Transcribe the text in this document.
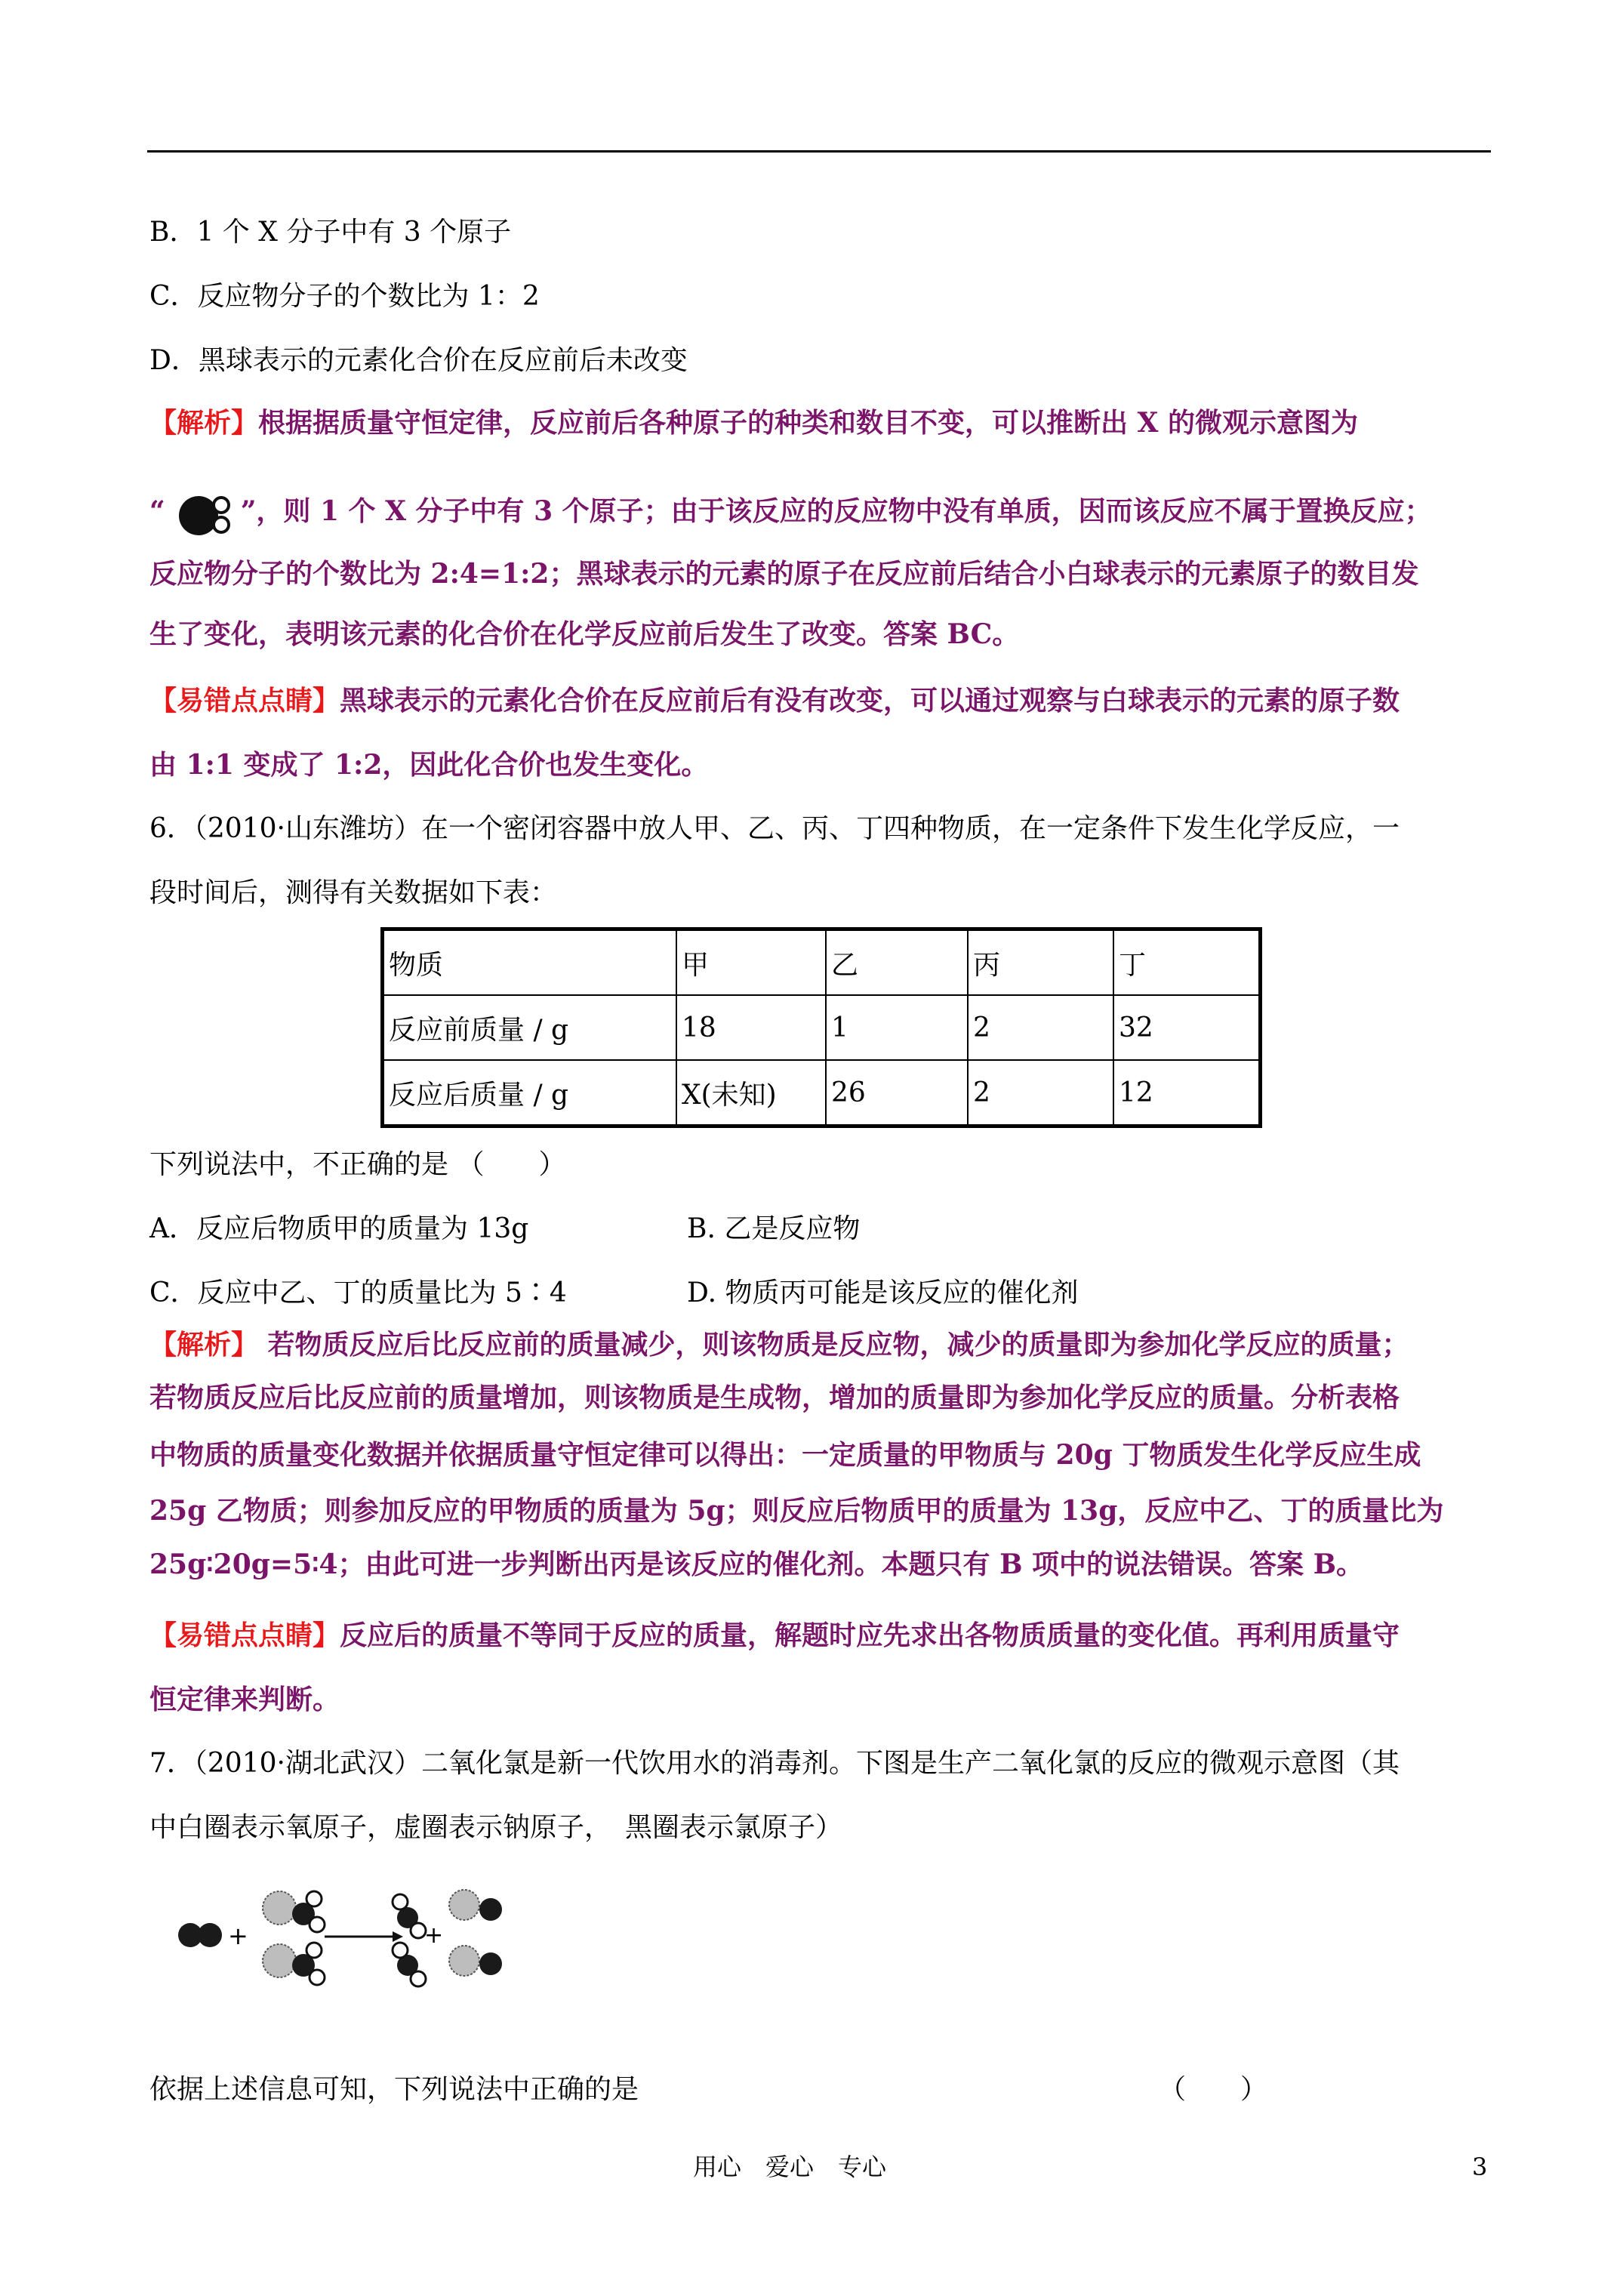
B．1 个 X 分子中有 3 个原子
C．反应物分子的个数比为 1：2
D．黑球表示的元素化合价在反应前后未改变
【解析】根据据质量守恒定律，反应前后各种原子的种类和数目不变，可以推断出 X 的微观示意图为
“	”，则 1 个 X 分子中有 3 个原子；由于该反应的反应物中没有单质，因而该反应不属于置换反应；
反应物分子的个数比为 2:4=1:2；黑球表示的元素的原子在反应前后结合小白球表示的元素原子的数目发
生了变化，表明该元素的化合价在化学反应前后发生了改变。答案 BC。
【易错点点睛】黑球表示的元素化合价在反应前后有没有改变，可以通过观察与白球表示的元素的原子数
由 1:1 变成了 1:2，因此化合价也发生变化。
6．（2010·山东潍坊）在一个密闭容器中放人甲、乙、丙、丁四种物质，在一定条件下发生化学反应，一
段时间后，测得有关数据如下表：
物质	甲	乙	丙	丁
反应前质量 / g	18	1	2	32
反应后质量 / g	X(未知)	26	2	12
下列说法中，不正确的是 （　　）
A．反应后物质甲的质量为 13g	B. 乙是反应物
C．反应中乙、丁的质量比为 5∶4	D. 物质丙可能是该反应的催化剂
【解析】 若物质反应后比反应前的质量减少，则该物质是反应物，减少的质量即为参加化学反应的质量；
若物质反应后比反应前的质量增加，则该物质是生成物，增加的质量即为参加化学反应的质量。分析表格
中物质的质量变化数据并依据质量守恒定律可以得出：一定质量的甲物质与 20g 丁物质发生化学反应生成
25g 乙物质；则参加反应的甲物质的质量为 5g；则反应后物质甲的质量为 13g，反应中乙、丁的质量比为
25g∶20g=5∶4；由此可进一步判断出丙是该反应的催化剂。本题只有 B 项中的说法错误。答案 B。
【易错点点睛】反应后的质量不等同于反应的质量，解题时应先求出各物质质量的变化值。再利用质量守
恒定律来判断。
7．（2010·湖北武汉）二氧化氯是新一代饮用水的消毒剂。下图是生产二氧化氯的反应的微观示意图（其
中白圈表示氧原子，虚圈表示钠原子，　黑圈表示氯原子）
+	+
依据上述信息可知，下列说法中正确的是	（　　）
用心　爱心　专心	3
